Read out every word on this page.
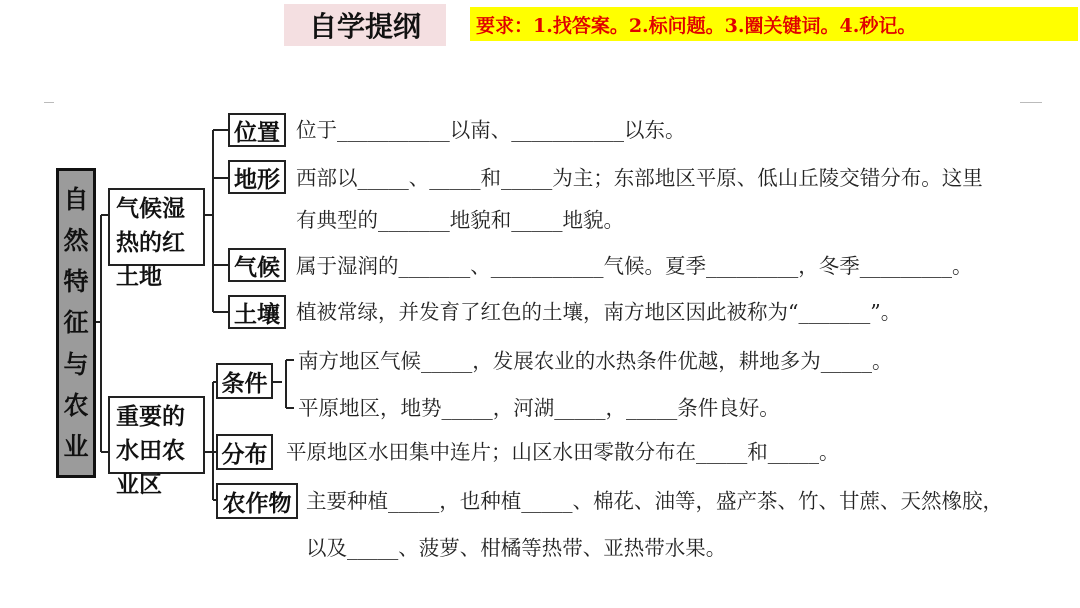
自学提纲	要求：1.找答案。2.标问题。3.圈关键词。4.秒记。
自
然
特
征
与
农
业
气候湿热的红土地
重要的水田农业区
位置
地形
气候
土壤
条件
分布
农作物
位于___________以南、___________以东。
西部以_____、_____和_____为主；东部地区平原、低山丘陵交错分布。这里
有典型的_______地貌和_____地貌。
属于湿润的_______、___________气候。夏季_________，冬季_________。
植被常绿，并发育了红色的土壤，南方地区因此被称为“_______”。
南方地区气候_____，发展农业的水热条件优越，耕地多为_____。
平原地区，地势_____，河湖_____，_____条件良好。
平原地区水田集中连片；山区水田零散分布在_____和_____。
主要种植_____，也种植_____、棉花、油等，盛产茶、竹、甘蔗、天然橡胶，
以及_____、菠萝、柑橘等热带、亚热带水果。
